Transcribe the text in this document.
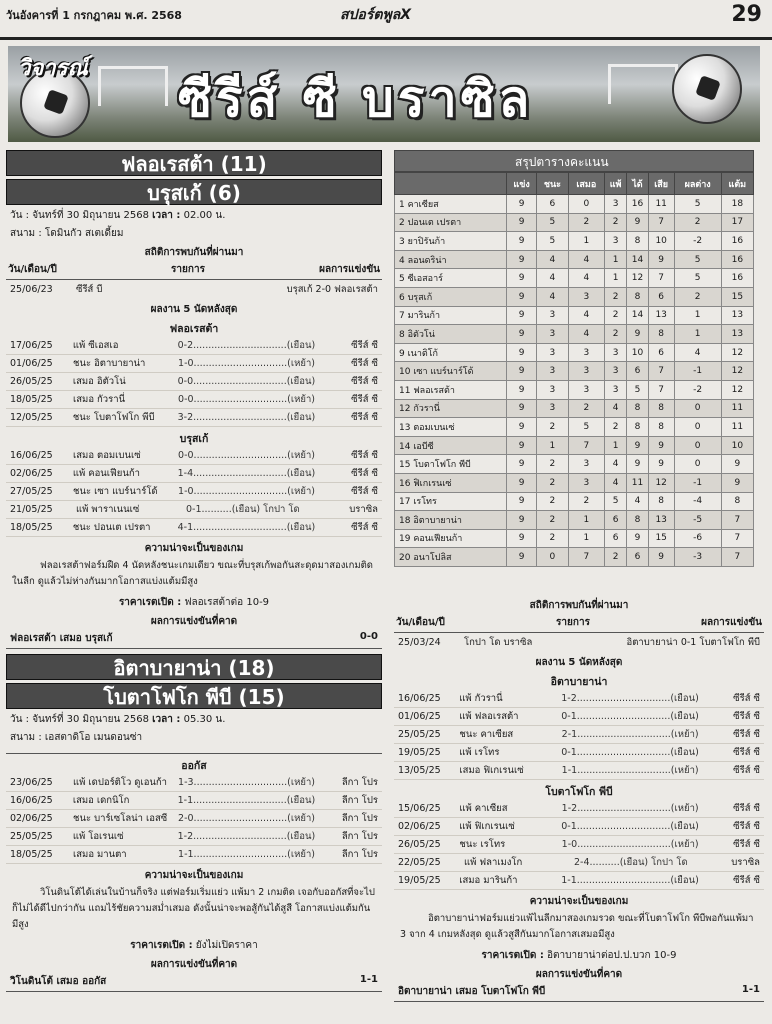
วันอังคารที่ 1 กรกฎาคม พ.ศ. 2568	สปอร์ตพูลX	29
วิจารณ์
ซีรีส์ ซี บราซิล
ฟลอเรสต้า (11)
บรุสเก้ (6)
วัน : จันทร์ที่ 30 มิถุนายน 2568 เวลา : 02.00 น.
สนาม : โดมินกัว สเตเดี้ยม
สถิติการพบกันที่ผ่านมา
วัน/เดือน/ปี	รายการ	ผลการแข่งขัน
25/06/23	ซีรีส์ บี	บรุสเก้ 2-0 ฟลอเรสต้า
ผลงาน 5 นัดหลังสุด
ฟลอเรสต้า
17/06/25	แพ้ ซีเอสเอ	0-2...............................(เยือน)	ซีรีส์ ซี
01/06/25	ชนะ อิตาบายาน่า	1-0...............................(เหย้า)	ซีรีส์ ซี
26/05/25	เสมอ อิตัวโน่	0-0...............................(เยือน)	ซีรีส์ ซี
18/05/25	เสมอ กัวรานี่	0-0...............................(เหย้า)	ซีรีส์ ซี
12/05/25	ชนะ โบตาโฟโก พีบี	3-2...............................(เยือน)	ซีรีส์ ซี
บรุสเก้
16/06/25	เสมอ ตอมเบนเซ่	0-0...............................(เหย้า)	ซีรีส์ ซี
02/06/25	แพ้ คอนเฟียนก้า	1-4...............................(เยือน)	ซีรีส์ ซี
27/05/25	ชนะ เซา แบร์นาร์โด้	1-0...............................(เหย้า)	ซีรีส์ ซี
21/05/25	แพ้ พาราเนนเซ่	0-1..........(เยือน) โกปา โด	บราซิล
18/05/25	ชนะ ปอนเต เปรตา	4-1...............................(เยือน)	ซีรีส์ ซี
ความน่าจะเป็นของเกม
ฟลอเรสต้าฟอร์มฝืด 4 นัดหลังชนะเกมเดียว ขณะที่บรุสเก้พอกันสะดุดมาสองเกมติดในลีก ดูแล้วไม่ห่างกันมากโอกาสแบ่งแต้มมีสูง
ราคาเรตเปิด : ฟลอเรสต้าต่อ 10-9
ผลการแข่งขันที่คาด
ฟลอเรสต้า เสมอ บรุสเก้	0-0
อิตาบายาน่า (18)
โบตาโฟโก พีบี (15)
วัน : จันทร์ที่ 30 มิถุนายน 2568 เวลา : 05.30 น.
สนาม : เอสตาดิโอ เมนดอนซ่า
ออกัส
23/06/25	แพ้ เดปอร์ติโว ดูเอนก้า	1-3...............................(เหย้า)	ลีกา โปร
16/06/25	เสมอ เดกนิโก	1-1...............................(เยือน)	ลีกา โปร
02/06/25	ชนะ บาร์เซโลน่า เอสซี	2-0...............................(เหย้า)	ลีกา โปร
25/05/25	แพ้ โอเรนเซ่	1-2...............................(เยือน)	ลีกา โปร
18/05/25	เสมอ มานตา	1-1...............................(เหย้า)	ลีกา โปร
ความน่าจะเป็นของเกม
วิโนดินโต้ได้เล่นในบ้านก็จริง แต่ฟอร์มเริ่มแย่ว แพ้มา 2 เกมติด เจอกับออกัสที่จะไปก็ไม่ได้ดีไปกว่ากัน แถมไร้ชัยความสม่ำเสมอ ดังนั้นน่าจะพอสู้กันได้สูสี โอกาสแบ่งแต้มกันมีสูง
ราคาเรตเปิด : ยังไม่เปิดราคา
ผลการแข่งขันที่คาด
วิโนดินโต้ เสมอ ออกัส	1-1
สรุปตารางคะแนน
	แข่ง	ชนะ	เสมอ	แพ้	ได้	เสีย	ผลต่าง	แต้ม
1 คาเซียส	9	6	0	3	16	11	5	18
2 ปอนเต เปรตา	9	5	2	2	9	7	2	17
3 ยาปิรันก้า	9	5	1	3	8	10	-2	16
4 ลอนดริน่า	9	4	4	1	14	9	5	16
5 ซีเอสอาร์	9	4	4	1	12	7	5	16
6 บรุสเก้	9	4	3	2	8	6	2	15
7 มารินก้า	9	3	4	2	14	13	1	13
8 อิตัวโน่	9	3	4	2	9	8	1	13
9 เนาติโก้	9	3	3	3	10	6	4	12
10 เซา แบร์นาร์โด้	9	3	3	3	6	7	-1	12
11 ฟลอเรสต้า	9	3	3	3	5	7	-2	12
12 กัวรานี่	9	3	2	4	8	8	0	11
13 ตอมเบนเซ่	9	2	5	2	8	8	0	11
14 เอบีซี	9	1	7	1	9	9	0	10
15 โบตาโฟโก พีบี	9	2	3	4	9	9	0	9
16 ฟิเกเรนเซ่	9	2	3	4	11	12	-1	9
17 เรโทร	9	2	2	5	4	8	-4	8
18 อิตาบายาน่า	9	2	1	6	8	13	-5	7
19 คอนเฟียนก้า	9	2	1	6	9	15	-6	7
20 อนาโปลิส	9	0	7	2	6	9	-3	7
สถิติการพบกันที่ผ่านมา
วัน/เดือน/ปี	รายการ	ผลการแข่งขัน
25/03/24	โกปา โด บราซิล	อิตาบายาน่า 0-1 โบตาโฟโก พีบี
ผลงาน 5 นัดหลังสุด
อิตาบายาน่า
16/06/25	แพ้ กัวรานี่	1-2...............................(เยือน)	ซีรีส์ ซี
01/06/25	แพ้ ฟลอเรสต้า	0-1...............................(เยือน)	ซีรีส์ ซี
25/05/25	ชนะ คาเซียส	2-1...............................(เหย้า)	ซีรีส์ ซี
19/05/25	แพ้ เรโทร	0-1...............................(เยือน)	ซีรีส์ ซี
13/05/25	เสมอ ฟิเกเรนเซ่	1-1...............................(เหย้า)	ซีรีส์ ซี
โบตาโฟโก พีบี
15/06/25	แพ้ คาเซียส	1-2...............................(เหย้า)	ซีรีส์ ซี
02/06/25	แพ้ ฟิเกเรนเซ่	0-1...............................(เยือน)	ซีรีส์ ซี
26/05/25	ชนะ เรโทร	1-0...............................(เหย้า)	ซีรีส์ ซี
22/05/25	แพ้ ฟลาเมงโก	2-4..........(เยือน) โกปา โด	บราซิล
19/05/25	เสมอ มารินก้า	1-1...............................(เยือน)	ซีรีส์ ซี
ความน่าจะเป็นของเกม
อิตาบายาน่าฟอร์มแย่วแพ้ไนลีกมาสองเกมรวด ขณะที่โบตาโฟโก พีบีพอกันแพ้มา 3 จาก 4 เกมหลังสุด ดูแล้วสูสีกันมากโอกาสเสมอมีสูง
ราคาเรตเปิด : อิตาบายาน่าต่อป.ป.บวก 10-9
ผลการแข่งขันที่คาด
อิตาบายาน่า เสมอ โบตาโฟโก พีบี	1-1
